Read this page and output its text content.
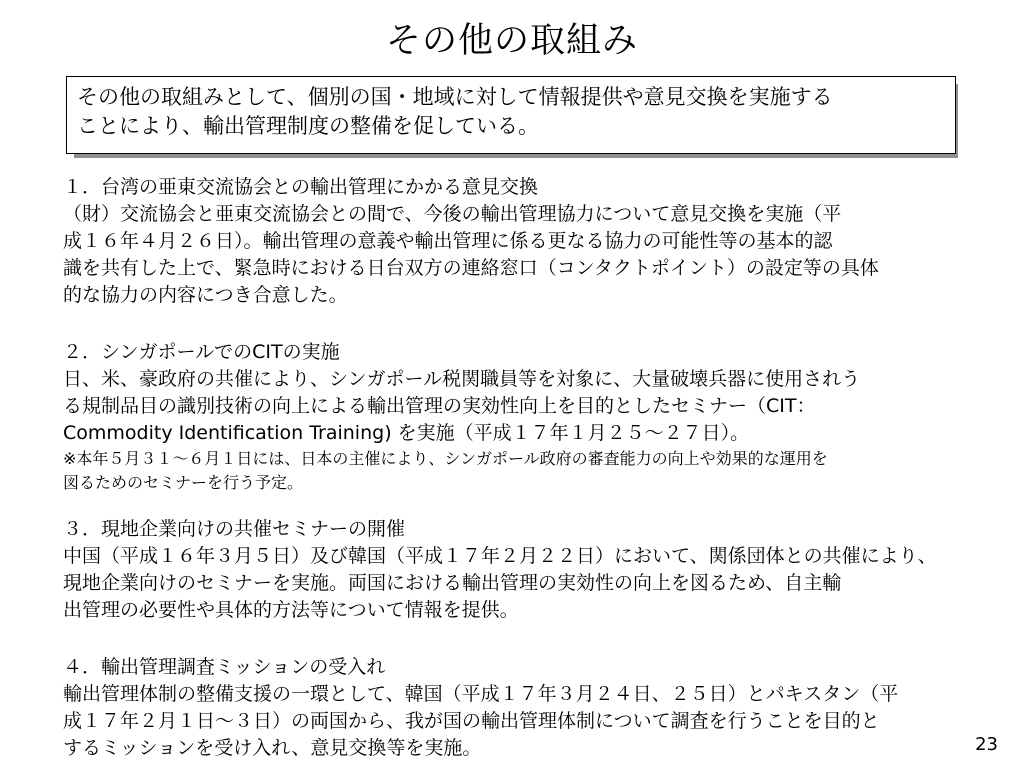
その他の取組み
その他の取組みとして、個別の国・地域に対して情報提供や意見交換を実施する
ことにより、輸出管理制度の整備を促している。
１．台湾の亜東交流協会との輸出管理にかかる意見交換
（財）交流協会と亜東交流協会との間で、今後の輸出管理協力について意見交換を実施（平
成１６年４月２６日）。輸出管理の意義や輸出管理に係る更なる協力の可能性等の基本的認
識を共有した上で、緊急時における日台双方の連絡窓口（コンタクトポイント）の設定等の具体
的な協力の内容につき合意した。
２．シンガポールでのCITの実施
日、米、豪政府の共催により、シンガポール税関職員等を対象に、大量破壊兵器に使用されう
る規制品目の識別技術の向上による輸出管理の実効性向上を目的としたセミナー（CIT：
Commodity Identification Training) を実施（平成１７年１月２５～２７日）。
※本年５月３１～６月１日には、日本の主催により、シンガポール政府の審査能力の向上や効果的な運用を
図るためのセミナーを行う予定。
３．現地企業向けの共催セミナーの開催
中国（平成１６年３月５日）及び韓国（平成１７年２月２２日）において、関係団体との共催により、
現地企業向けのセミナーを実施。両国における輸出管理の実効性の向上を図るため、自主輸
出管理の必要性や具体的方法等について情報を提供。
４．輸出管理調査ミッションの受入れ
輸出管理体制の整備支援の一環として、韓国（平成１７年３月２４日、２５日）とパキスタン（平
成１７年２月１日～３日）の両国から、我が国の輸出管理体制について調査を行うことを目的と
するミッションを受け入れ、意見交換等を実施。	23
